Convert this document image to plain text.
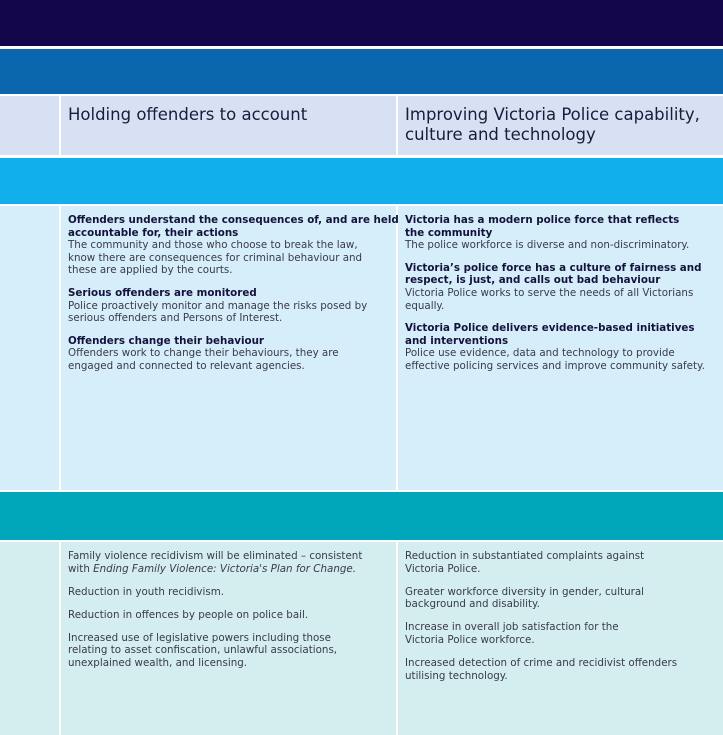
Holding offenders to account	Improving Victoria Police capability,
culture and technology
Offenders understand the consequences of, and are held
accountable for, their actions

The community and those who choose to break the law,

know there are consequences for criminal behaviour and

these are applied by the courts.

Serious offenders are monitored

Police proactively monitor and manage the risks posed by

serious offenders and Persons of Interest.

Offenders change their behaviour

Offenders work to change their behaviours, they are

engaged and connected to relevant agencies.

Victoria has a modern police force that reflects
the community

The police workforce is diverse and non-discriminatory.

Victoria’s police force has a culture of fairness and
respect, is just, and calls out bad behaviour

Victoria Police works to serve the needs of all Victorians

equally.

Victoria Police delivers evidence-based initiatives
and interventions

Police use evidence, data and technology to provide

effective policing services and improve community safety.

Family violence recidivism will be eliminated – consistent
with Ending Family Violence: Victoria's Plan for Change.

Reduction in youth recidivism.

Reduction in offences by people on police bail.

Increased use of legislative powers including those
relating to asset confiscation, unlawful associations,
unexplained wealth, and licensing.

Reduction in substantiated complaints against
Victoria Police.

Greater workforce diversity in gender, cultural
background and disability.

Increase in overall job satisfaction for the
Victoria Police workforce.

Increased detection of crime and recidivist offenders
utilising technology.
